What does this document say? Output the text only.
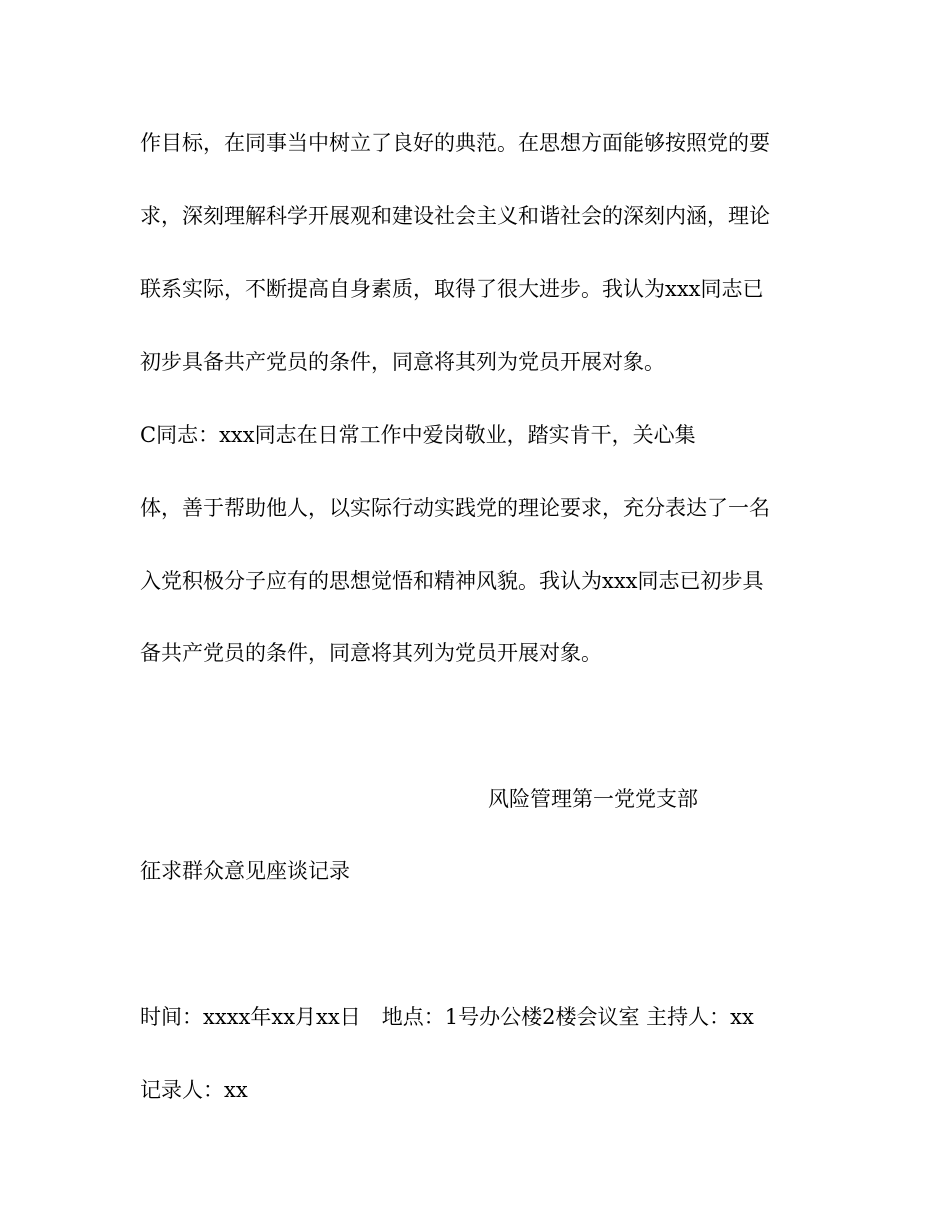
作目标，在同事当中树立了良好的典范。在思想方面能够按照党的要
求，深刻理解科学开展观和建设社会主义和谐社会的深刻内涵，理论
联系实际，不断提高自身素质，取得了很大进步。我认为xxx同志已
初步具备共产党员的条件，同意将其列为党员开展对象。
C同志：xxx同志在日常工作中爱岗敬业，踏实肯干，关心集
体，善于帮助他人，以实际行动实践党的理论要求，充分表达了一名
入党积极分子应有的思想觉悟和精神风貌。我认为xxx同志已初步具
备共产党员的条件，同意将其列为党员开展对象。
风险管理第一党党支部
征求群众意见座谈记录
时间：xxxx年xx月xx日　地点：1号办公楼2楼会议室 主持人：xx
记录人：xx
